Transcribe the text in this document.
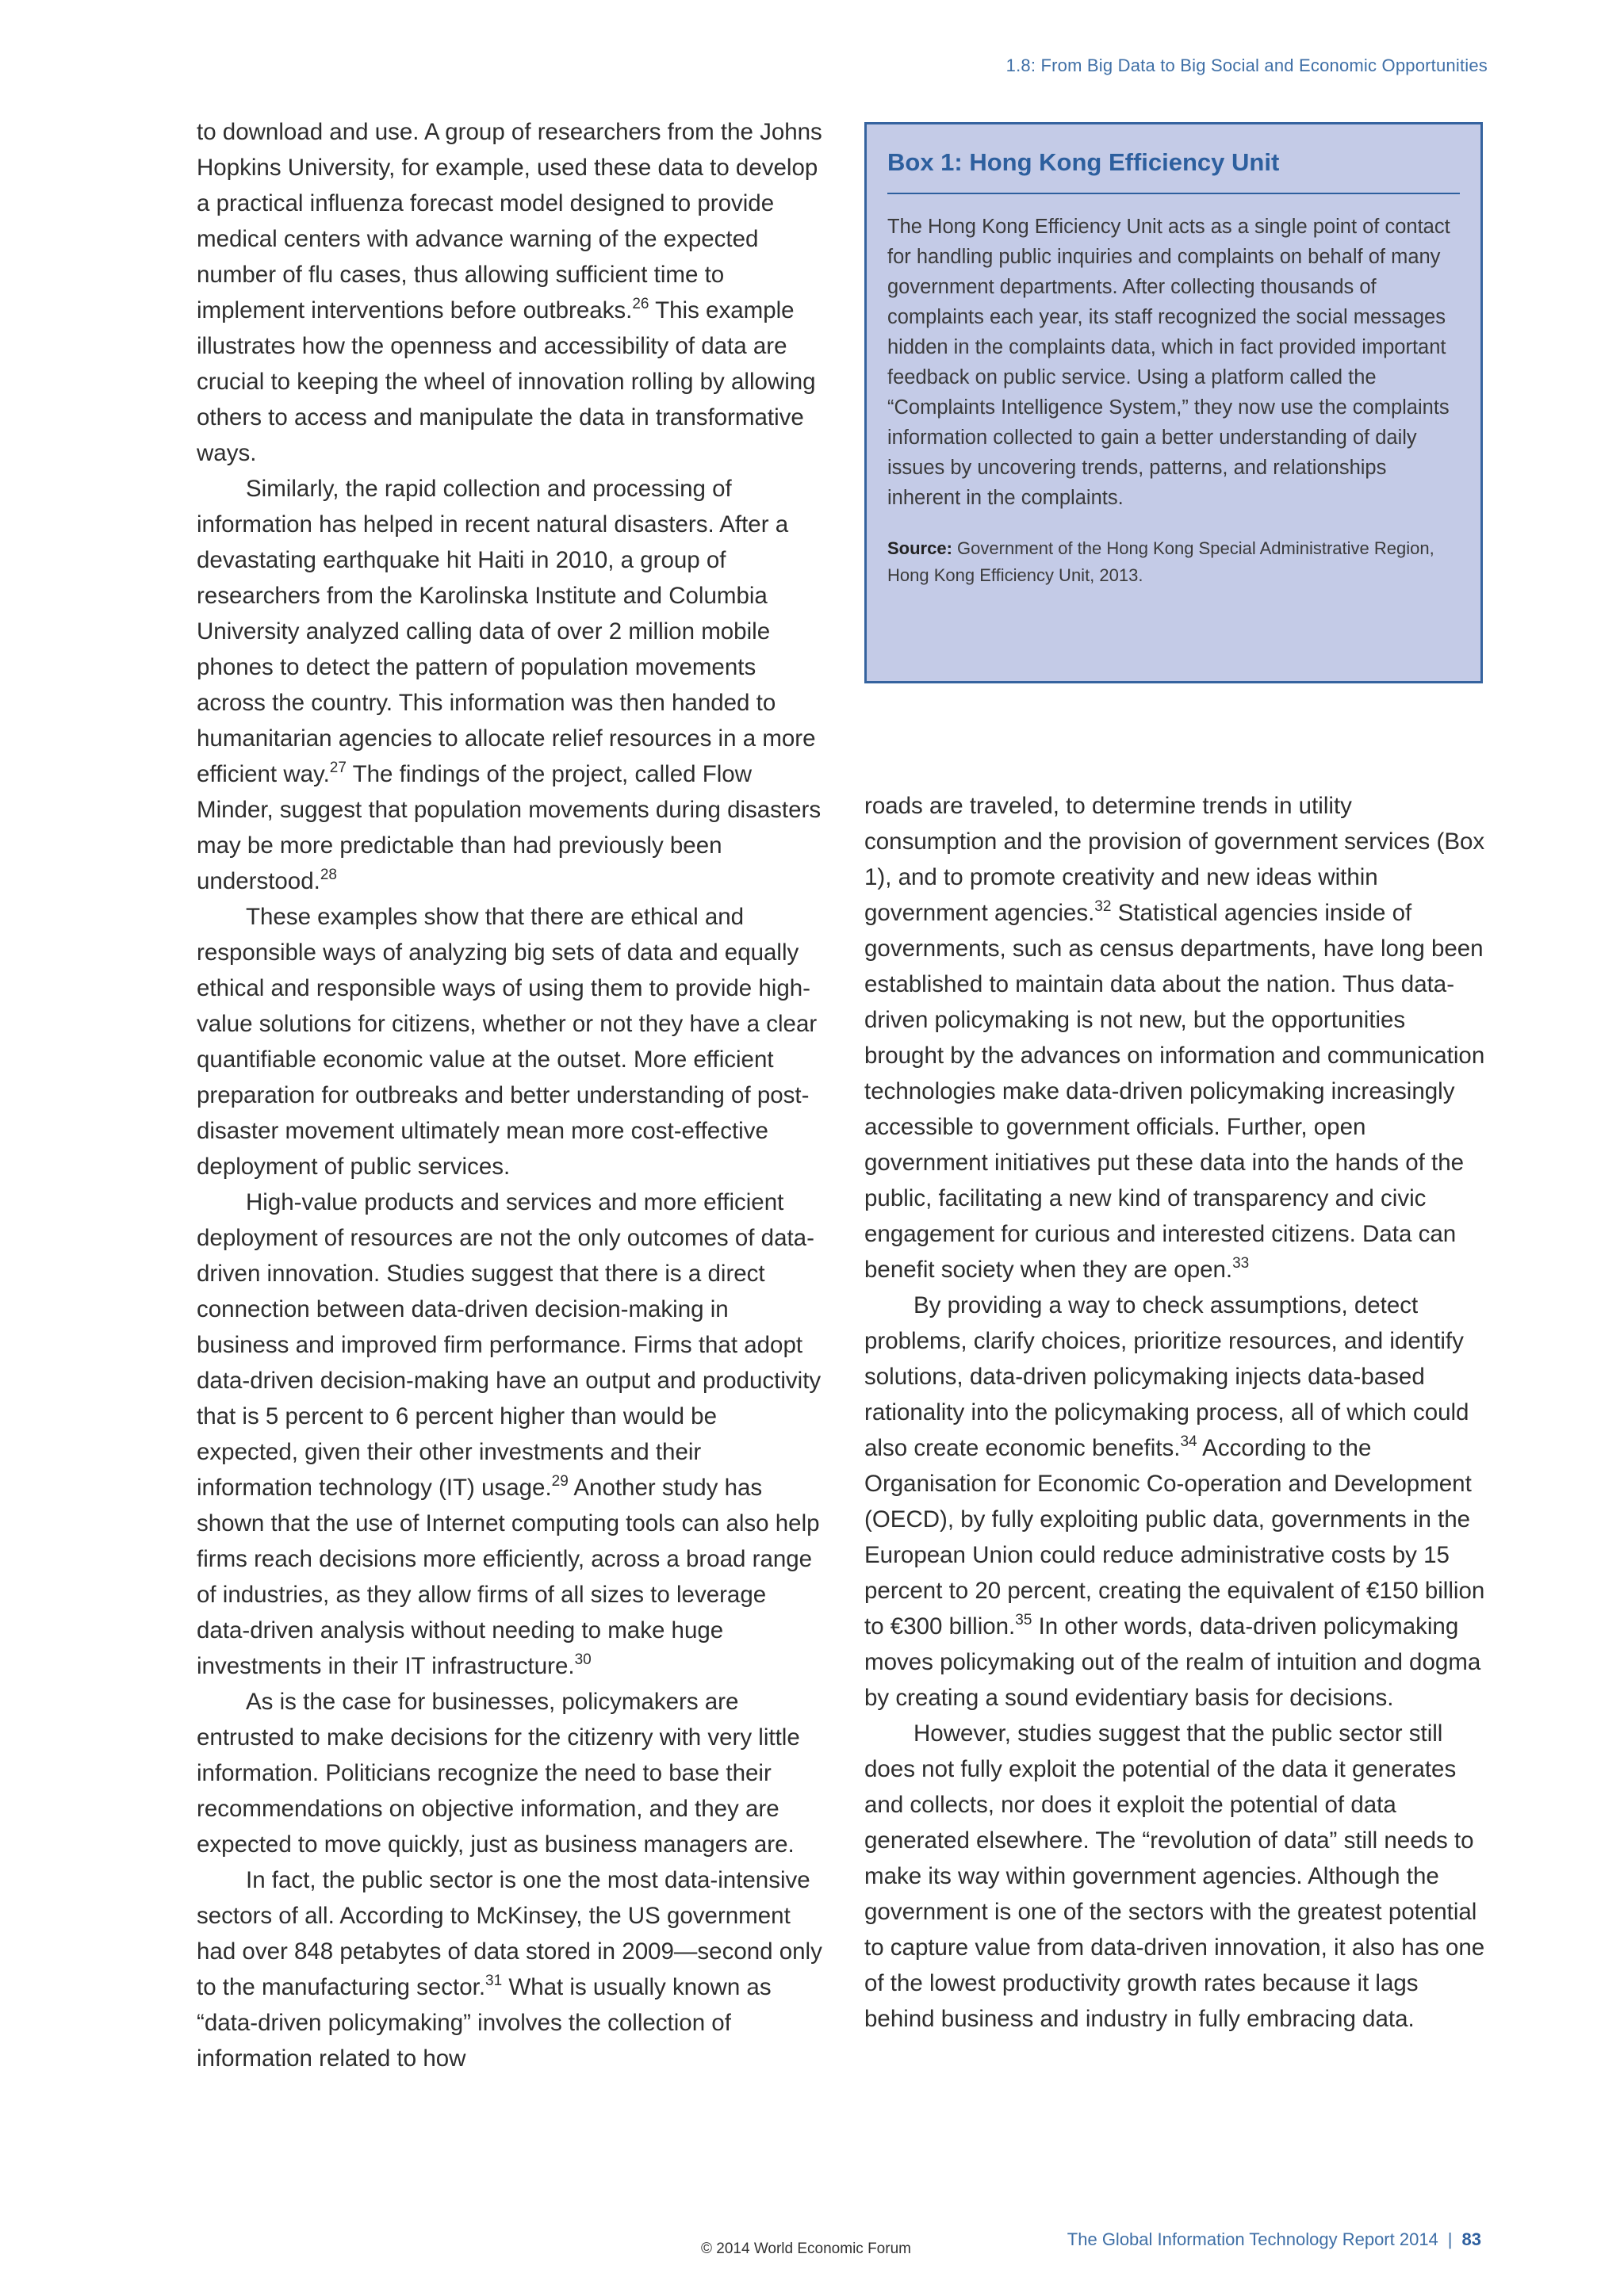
1.8: From Big Data to Big Social and Economic Opportunities

to download and use. A group of researchers from the Johns Hopkins University, for example, used these data to develop a practical influenza forecast model designed to provide medical centers with advance warning of the expected number of flu cases, thus allowing sufficient time to implement interventions before outbreaks.$^{26}$ This example illustrates how the openness and accessibility of data are crucial to keeping the wheel of innovation rolling by allowing others to access and manipulate the data in transformative ways.

Similarly, the rapid collection and processing of information has helped in recent natural disasters. After a devastating earthquake hit Haiti in 2010, a group of researchers from the Karolinska Institute and Columbia University analyzed calling data of over 2 million mobile phones to detect the pattern of population movements across the country. This information was then handed to humanitarian agencies to allocate relief resources in a more efficient way.$^{27}$ The findings of the project, called Flow Minder, suggest that population movements during disasters may be more predictable than had previously been understood.$^{28}$

These examples show that there are ethical and responsible ways of analyzing big sets of data and equally ethical and responsible ways of using them to provide high-value solutions for citizens, whether or not they have a clear quantifiable economic value at the outset. More efficient preparation for outbreaks and better understanding of post-disaster movement ultimately mean more cost-effective deployment of public services.

High-value products and services and more efficient deployment of resources are not the only outcomes of data-driven innovation. Studies suggest that there is a direct connection between data-driven decision-making in business and improved firm performance. Firms that adopt data-driven decision-making have an output and productivity that is 5 percent to 6 percent higher than would be expected, given their other investments and their information technology (IT) usage.$^{29}$ Another study has shown that the use of Internet computing tools can also help firms reach decisions more efficiently, across a broad range of industries, as they allow firms of all sizes to leverage data-driven analysis without needing to make huge investments in their IT infrastructure.$^{30}$

As is the case for businesses, policymakers are entrusted to make decisions for the citizenry with very little information. Politicians recognize the need to base their recommendations on objective information, and they are expected to move quickly, just as business managers are.

In fact, the public sector is one the most data-intensive sectors of all. According to McKinsey, the US government had over 848 petabytes of data stored in 2009—second only to the manufacturing sector.$^{31}$ What is usually known as “data-driven policymaking” involves the collection of information related to how

Box 1: Hong Kong Efficiency Unit

The Hong Kong Efficiency Unit acts as a single point of contact for handling public inquiries and complaints on behalf of many government departments. After collecting thousands of complaints each year, its staff recognized the social messages hidden in the complaints data, which in fact provided important feedback on public service. Using a platform called the “Complaints Intelligence System,” they now use the complaints information collected to gain a better understanding of daily issues by uncovering trends, patterns, and relationships inherent in the complaints.

Source: Government of the Hong Kong Special Administrative Region, Hong Kong Efficiency Unit, 2013.

roads are traveled, to determine trends in utility consumption and the provision of government services (Box 1), and to promote creativity and new ideas within government agencies.$^{32}$ Statistical agencies inside of governments, such as census departments, have long been established to maintain data about the nation. Thus data-driven policymaking is not new, but the opportunities brought by the advances on information and communication technologies make data-driven policymaking increasingly accessible to government officials. Further, open government initiatives put these data into the hands of the public, facilitating a new kind of transparency and civic engagement for curious and interested citizens. Data can benefit society when they are open.$^{33}$

By providing a way to check assumptions, detect problems, clarify choices, prioritize resources, and identify solutions, data-driven policymaking injects data-based rationality into the policymaking process, all of which could also create economic benefits.$^{34}$ According to the Organisation for Economic Co-operation and Development (OECD), by fully exploiting public data, governments in the European Union could reduce administrative costs by 15 percent to 20 percent, creating the equivalent of €150 billion to €300 billion.$^{35}$ In other words, data-driven policymaking moves policymaking out of the realm of intuition and dogma by creating a sound evidentiary basis for decisions.

However, studies suggest that the public sector still does not fully exploit the potential of the data it generates and collects, nor does it exploit the potential of data generated elsewhere. The “revolution of data” still needs to make its way within government agencies. Although the government is one of the sectors with the greatest potential to capture value from data-driven innovation, it also has one of the lowest productivity growth rates because it lags behind business and industry in fully embracing data.

© 2014 World Economic Forum	The Global Information Technology Report 2014 | 83
